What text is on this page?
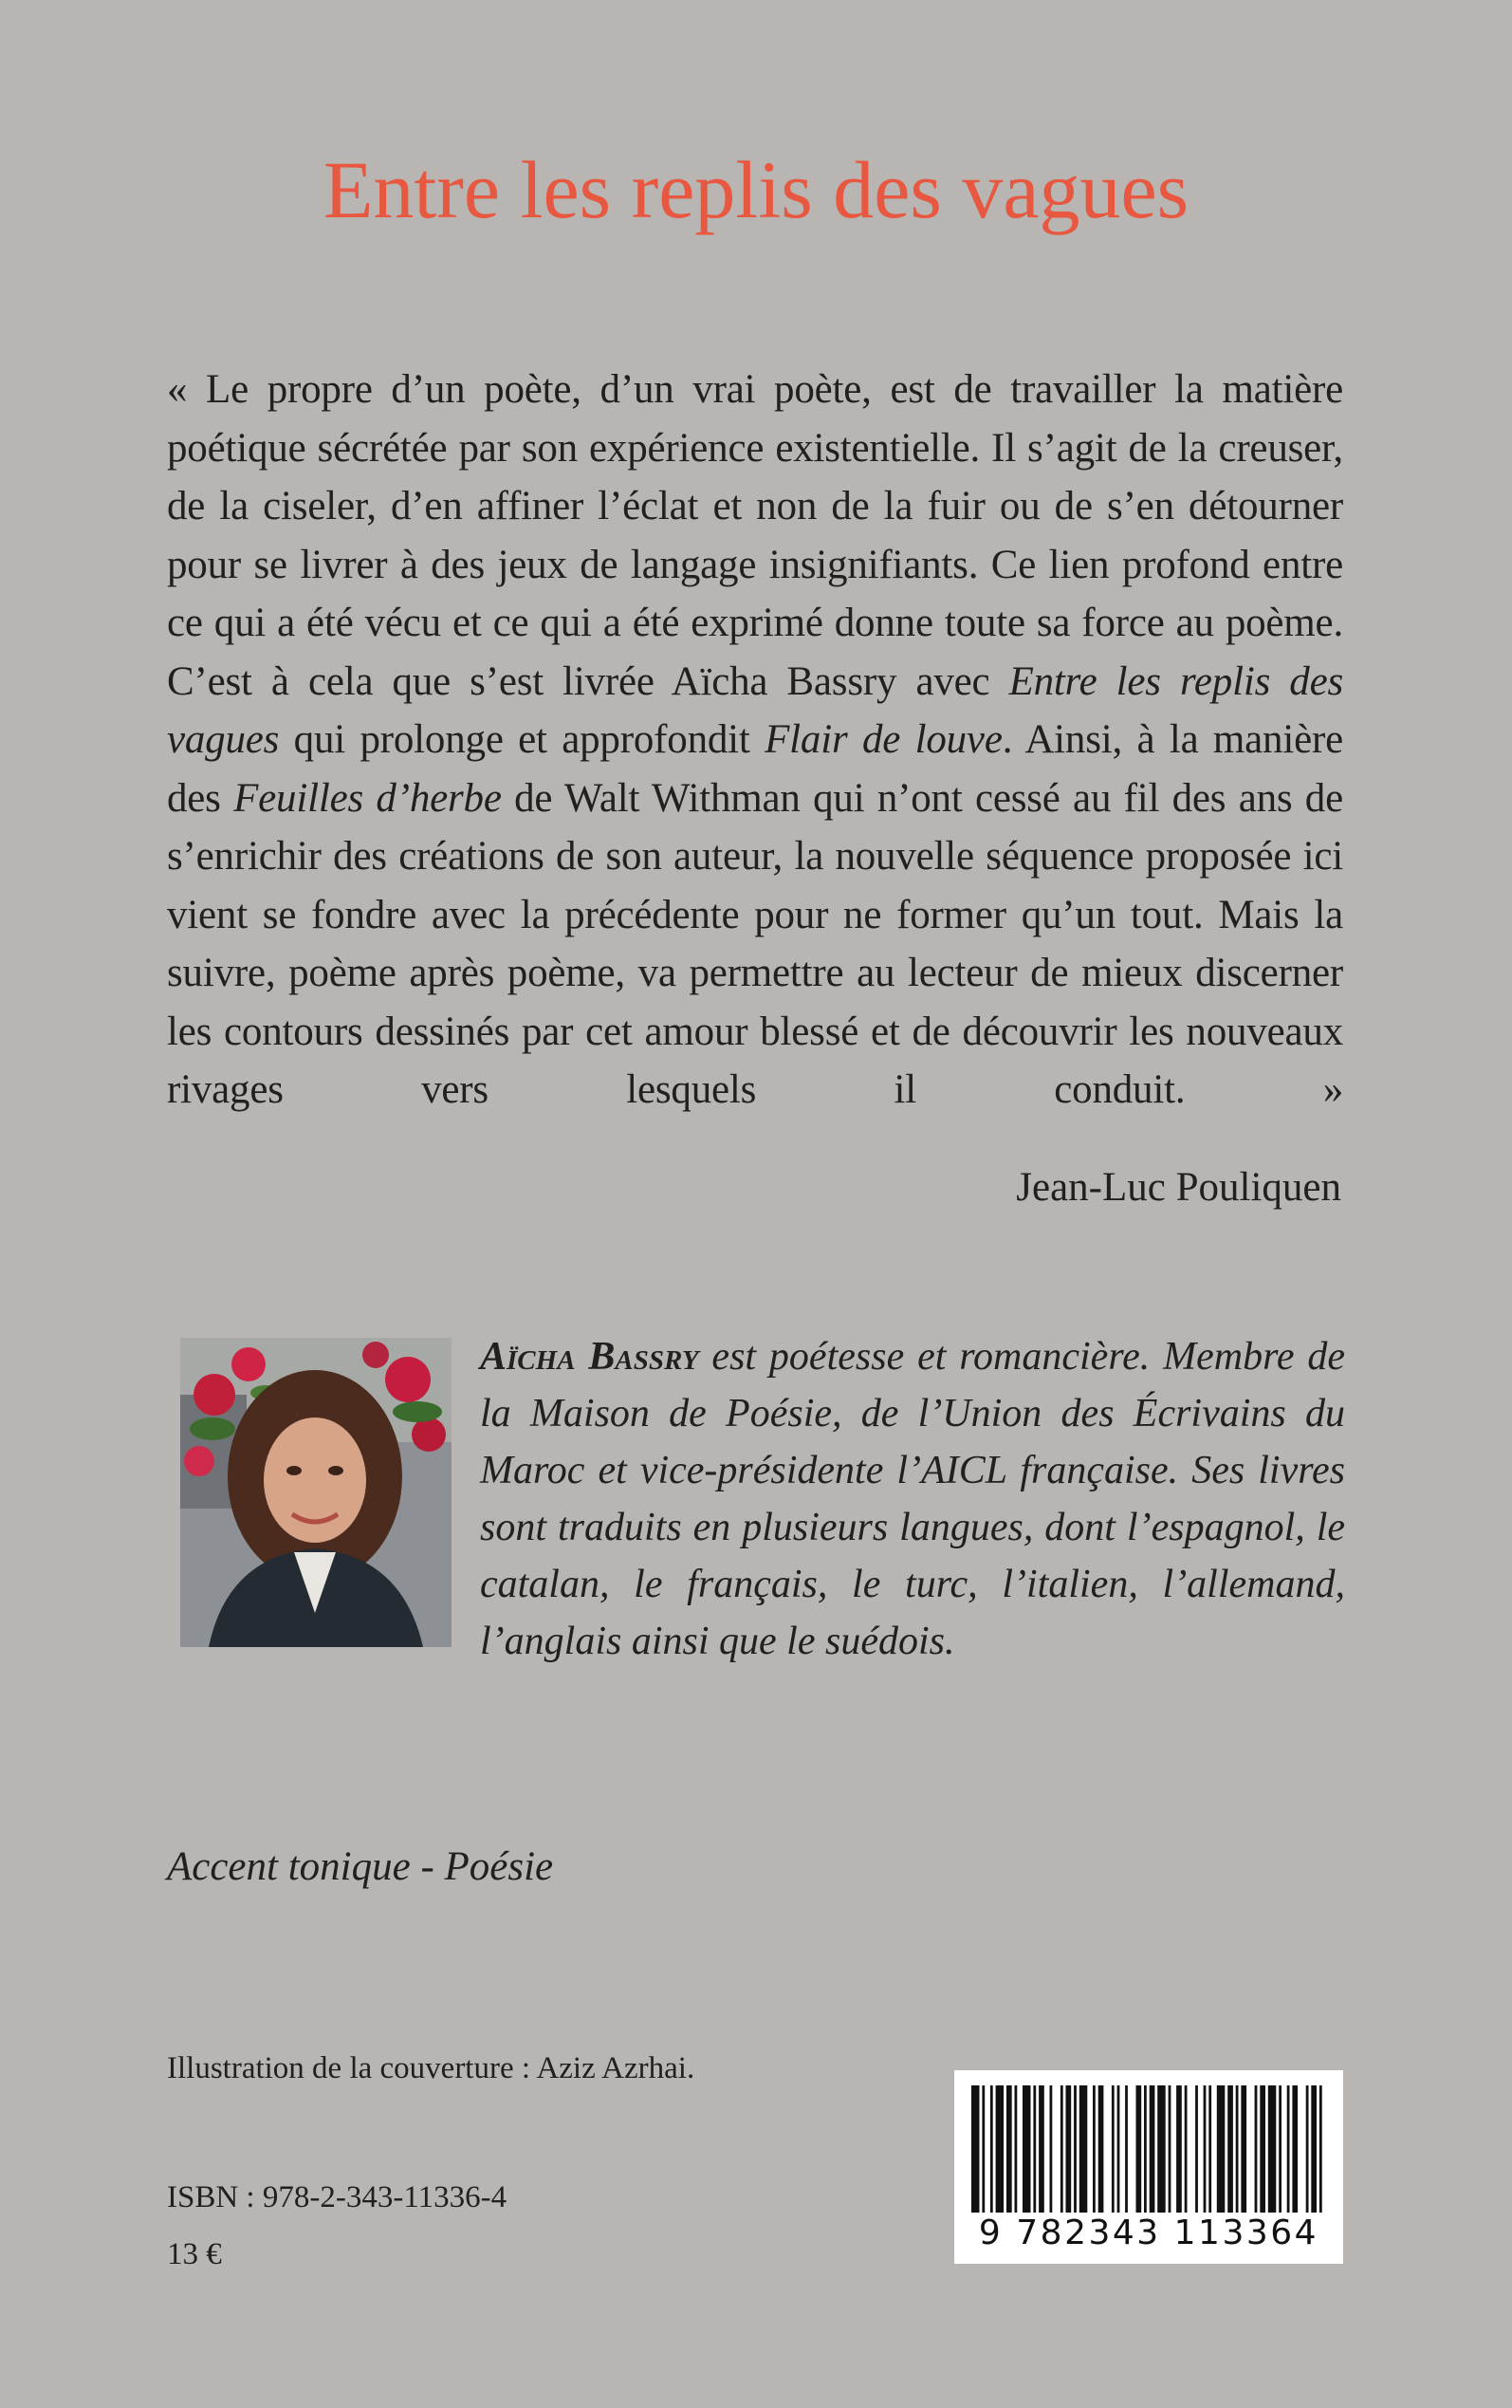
Entre les replis des vagues

« Le propre d’un poète, d’un vrai poète, est de travailler la matière poétique sécrétée par son expérience existentielle. Il s’agit de la creuser, de la ciseler, d’en affiner l’éclat et non de la fuir ou de s’en détourner pour se livrer à des jeux de langage insignifiants. Ce lien profond entre ce qui a été vécu et ce qui a été exprimé donne toute sa force au poème. C’est à cela que s’est livrée Aïcha Bassry avec Entre les replis des vagues qui prolonge et approfondit Flair de louve. Ainsi, à la manière des Feuilles d’herbe de Walt Withman qui n’ont cessé au fil des ans de s’enrichir des créations de son auteur, la nouvelle séquence proposée ici vient se fondre avec la précédente pour ne former qu’un tout. Mais la suivre, poème après poème, va permettre au lecteur de mieux discerner les contours dessinés par cet amour blessé et de découvrir les nouveaux rivages vers lesquels il conduit. »

Jean-Luc Pouliquen

Aïcha Bassry est poétesse et romancière. Membre de la Maison de Poésie, de l’Union des Écrivains du Maroc et vice-présidente l’AICL française. Ses livres sont traduits en plusieurs langues, dont l’espagnol, le catalan, le français, le turc, l’italien, l’allemand, l’anglais ainsi que le suédois.

Accent tonique - Poésie
Illustration de la couverture : Aziz Azrhai.
ISBN : 978-2-343-11336-4
13 €
9 782343 113364
